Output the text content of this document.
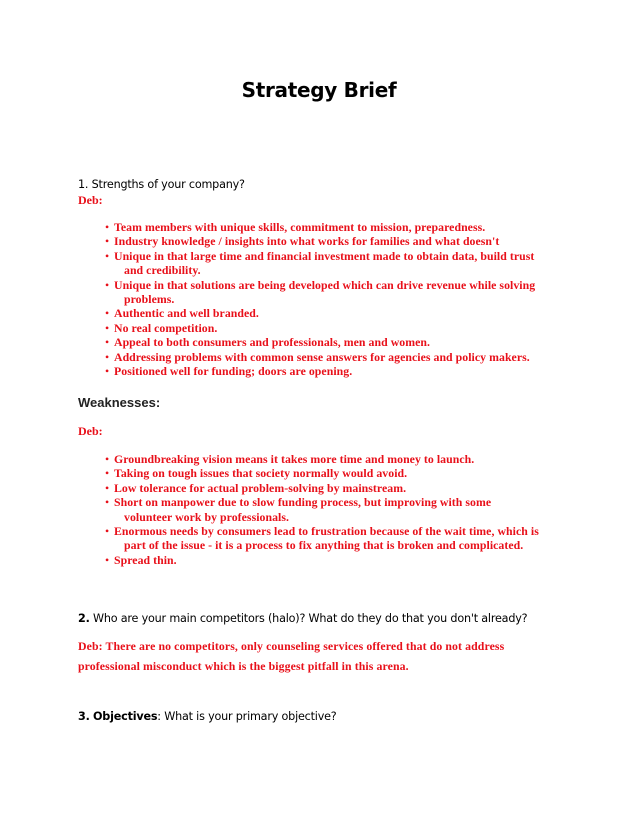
Strategy Brief
1. Strengths of your company?
Deb:
• Team members with unique skills, commitment to mission, preparedness.
• Industry knowledge / insights into what works for families and what doesn't
• Unique in that large time and financial investment made to obtain data, build trust
and credibility.
• Unique in that solutions are being developed which can drive revenue while solving
problems.
• Authentic and well branded.
• No real competition.
• Appeal to both consumers and professionals, men and women.
• Addressing problems with common sense answers for agencies and policy makers.
• Positioned well for funding; doors are opening.
Weaknesses:
Deb:
• Groundbreaking vision means it takes more time and money to launch.
• Taking on tough issues that society normally would avoid.
• Low tolerance for actual problem-solving by mainstream.
• Short on manpower due to slow funding process, but improving with some
volunteer work by professionals.
• Enormous needs by consumers lead to frustration because of the wait time, which is
part of the issue - it is a process to fix anything that is broken and complicated.
• Spread thin.
2. Who are your main competitors (halo)? What do they do that you don't already?
Deb: There are no competitors, only counseling services offered that do not address
professional misconduct which is the biggest pitfall in this arena.
3. Objectives: What is your primary objective?
